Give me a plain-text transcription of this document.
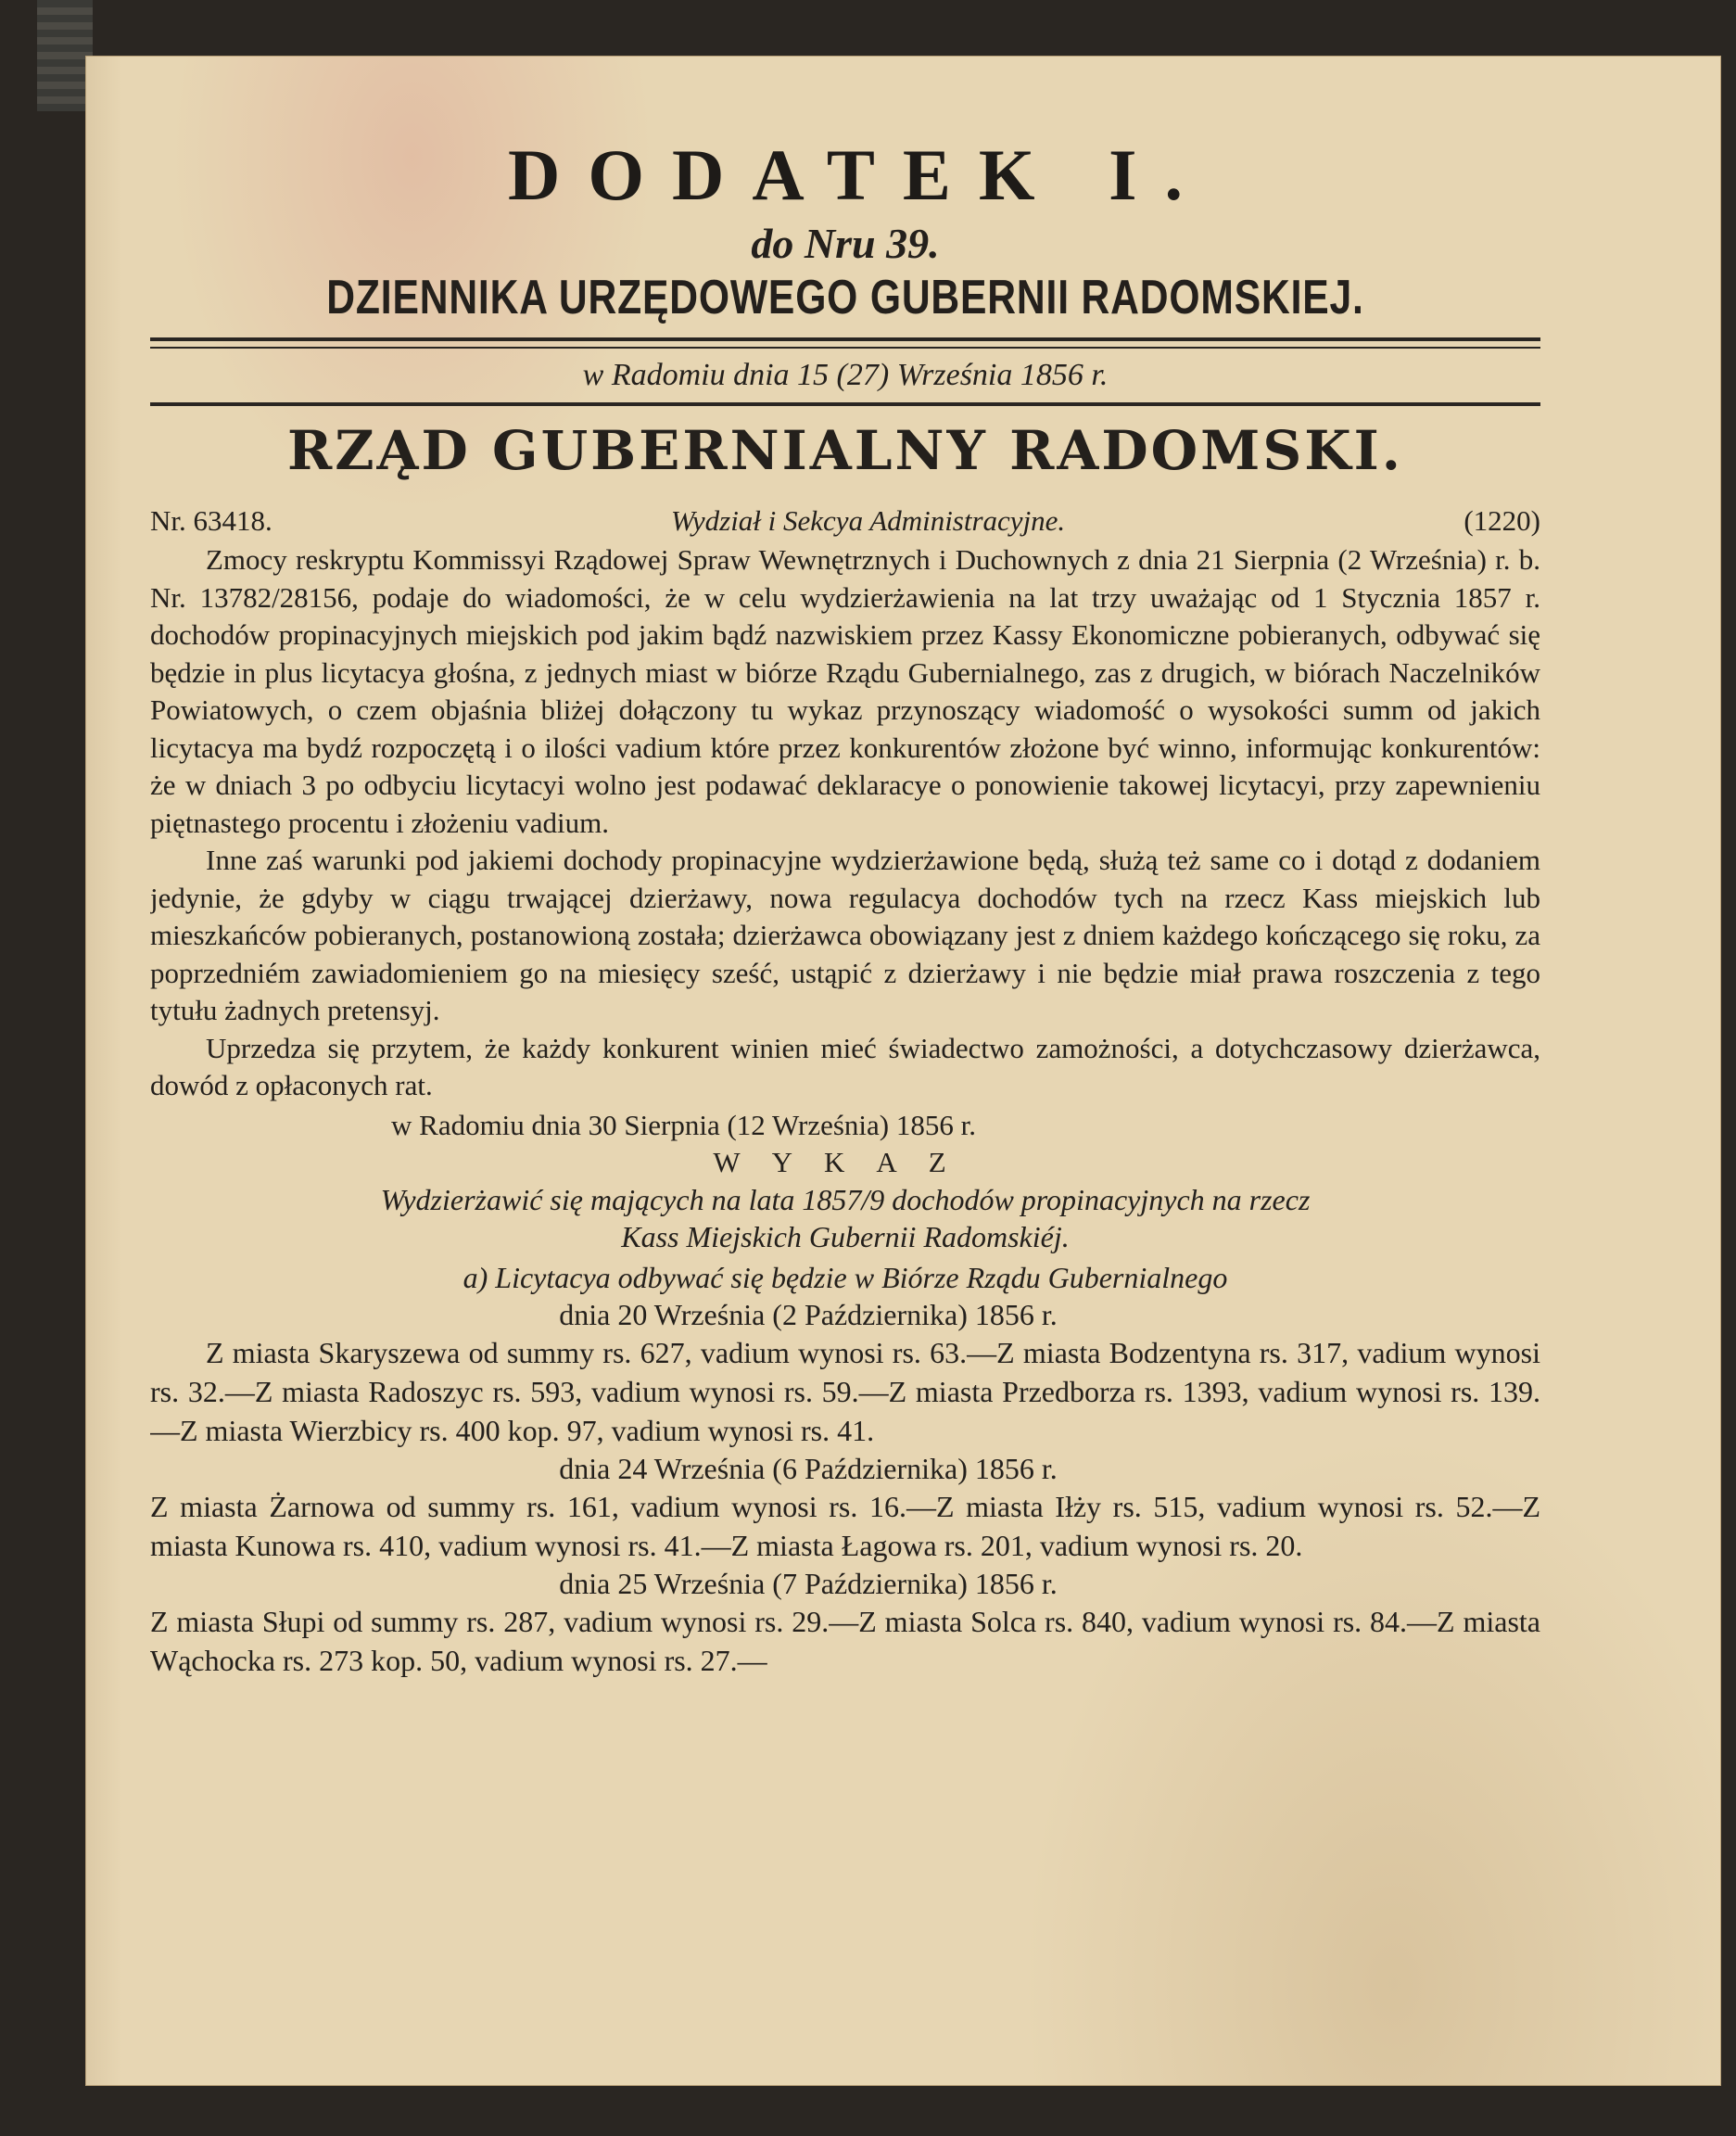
DODATEK I.
do Nru 39.
DZIENNIKA URZĘDOWEGO GUBERNII RADOMSKIEJ.
w Radomiu dnia 15 (27) Września 1856 r.
RZĄD GUBERNIALNY RADOMSKI.
Nr. 63418.	Wydział i Sekcya Administracyjne.	(1220)

Zmocy reskryptu Kommissyi Rządowej Spraw Wewnętrznych i Duchownych z dnia 21 Sierpnia (2 Września) r. b. Nr. 13782/28156, podaje do wiadomości, że w celu wydzierżawienia na lat trzy uważając od 1 Stycznia 1857 r. dochodów propinacyjnych miejskich pod jakim bądź nazwiskiem przez Kassy Ekonomiczne pobieranych, odbywać się będzie in plus licytacya głośna, z jednych miast w biórze Rządu Gubernialnego, zas z drugich, w biórach Naczelników Powiatowych, o czem objaśnia bliżej dołączony tu wykaz przynoszący wiadomość o wysokości summ od jakich licytacya ma bydź rozpoczętą i o ilości vadium które przez konkurentów złożone być winno, informując konkurentów: że w dniach 3 po odbyciu licytacyi wolno jest podawać deklaracye o ponowienie takowej licytacyi, przy zapewnieniu piętnastego procentu i złożeniu vadium.

Inne zaś warunki pod jakiemi dochody propinacyjne wydzierżawione będą, służą też same co i dotąd z dodaniem jedynie, że gdyby w ciągu trwającej dzierżawy, nowa regulacya dochodów tych na rzecz Kass miejskich lub mieszkańców pobieranych, postanowioną została; dzierżawca obowiązany jest z dniem każdego kończącego się roku, za poprzedniém zawiadomieniem go na miesięcy sześć, ustąpić z dzierżawy i nie będzie miał prawa roszczenia z tego tytułu żadnych pretensyj.

Uprzedza się przytem, że każdy konkurent winien mieć świadectwo zamożności, a dotychczasowy dzierżawca, dowód z opłaconych rat.

w Radomiu dnia 30 Sierpnia (12 Września) 1856 r.
WYKAZ
Wydzierżawić się mających na lata 1857/9 dochodów propinacyjnych na rzecz
Kass Miejskich Gubernii Radomskiéj.
a) Licytacya odbywać się będzie w Biórze Rządu Gubernialnego
dnia 20 Września (2 Października) 1856 r.

Z miasta Skaryszewa od summy rs. 627, vadium wynosi rs. 63.—Z miasta Bodzentyna rs. 317, vadium wynosi rs. 32.—Z miasta Radoszyc rs. 593, vadium wynosi rs. 59.—Z miasta Przedborza rs. 1393, vadium wynosi rs. 139.—Z miasta Wierzbicy rs. 400 kop. 97, vadium wynosi rs. 41.

dnia 24 Września (6 Października) 1856 r.

Z miasta Żarnowa od summy rs. 161, vadium wynosi rs. 16.—Z miasta Iłży rs. 515, vadium wynosi rs. 52.—Z miasta Kunowa rs. 410, vadium wynosi rs. 41.—Z miasta Łagowa rs. 201, vadium wynosi rs. 20.

dnia 25 Września (7 Października) 1856 r.

Z miasta Słupi od summy rs. 287, vadium wynosi rs. 29.—Z miasta Solca rs. 840, vadium wynosi rs. 84.—Z miasta Wąchocka rs. 273 kop. 50, vadium wynosi rs. 27.—
